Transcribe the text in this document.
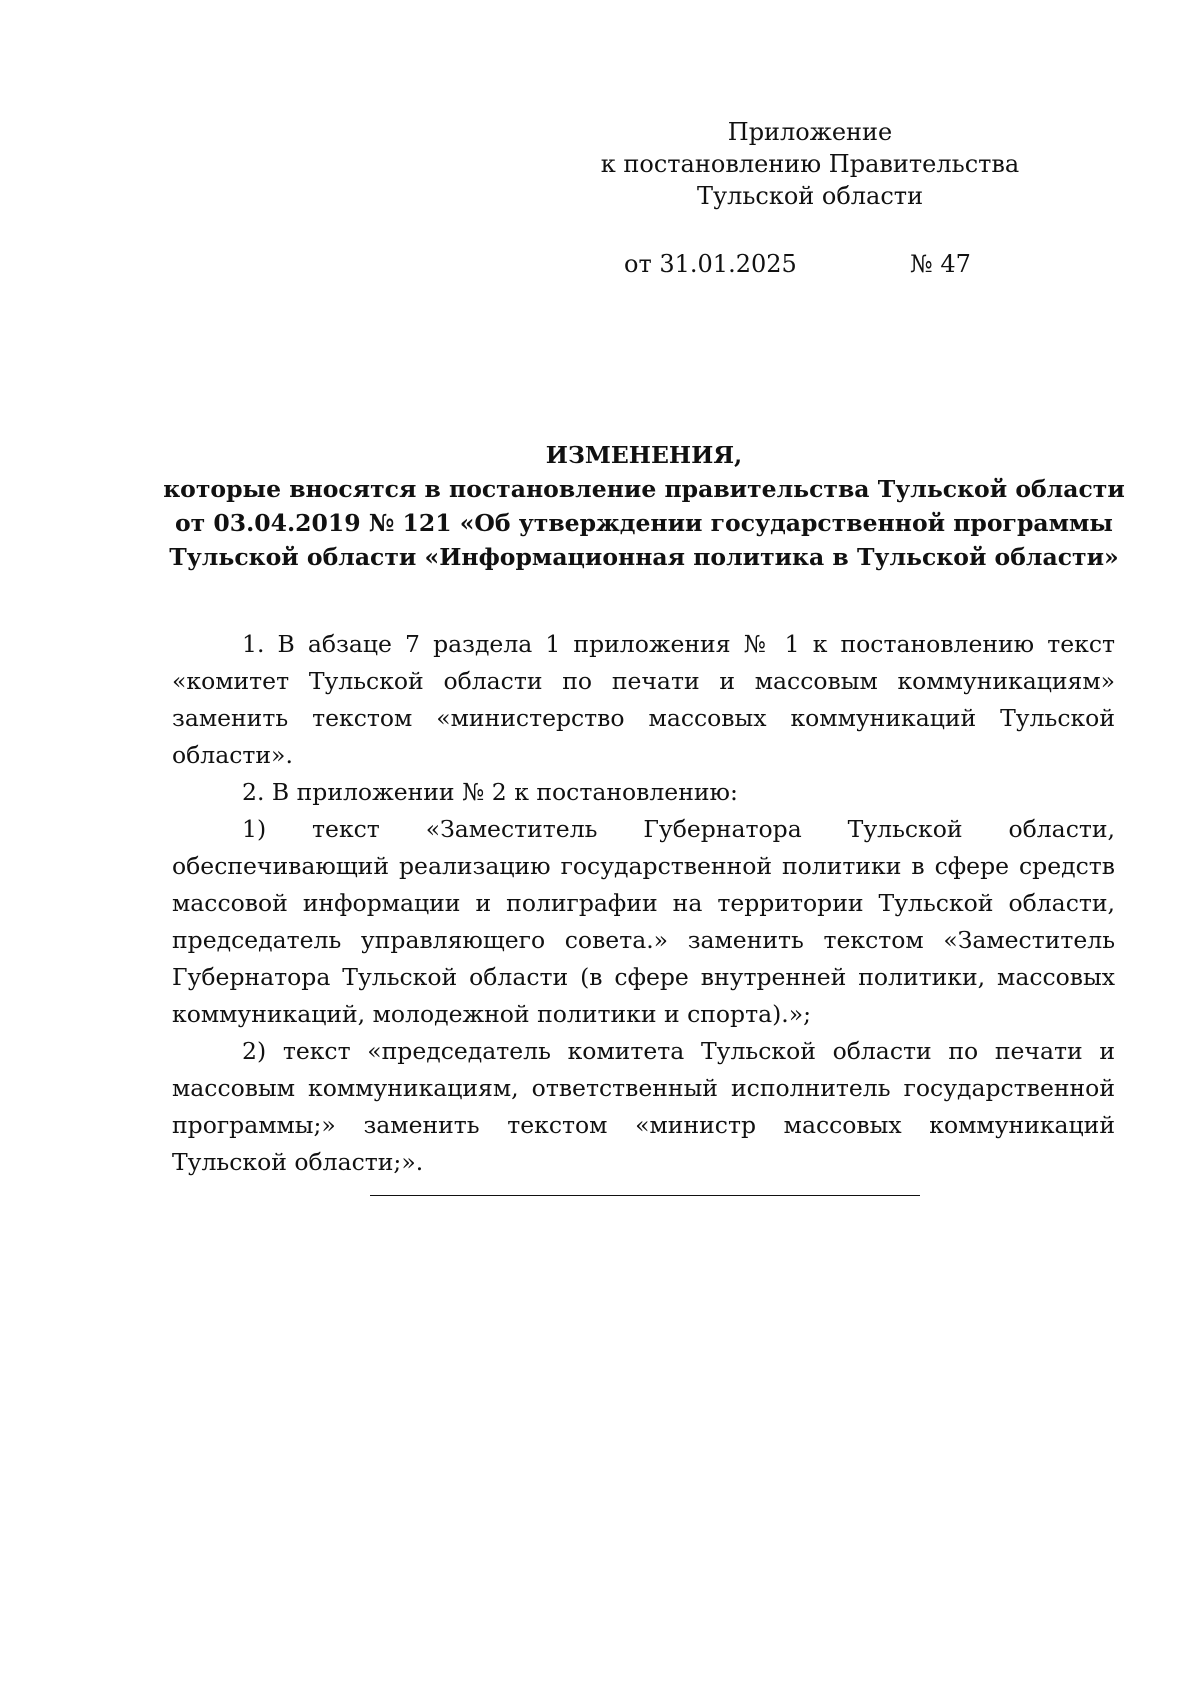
Приложение
к постановлению Правительства
Тульской области
от 31.01.2025	№ 47
ИЗМЕНЕНИЯ,
которые вносятся в постановление правительства Тульской области
от 03.04.2019 № 121 «Об утверждении государственной программы
Тульской области «Информационная политика в Тульской области»

1. В абзаце 7 раздела 1 приложения № 1 к постановлению текст «комитет Тульской области по печати и массовым коммуникациям» заменить текстом «министерство массовых коммуникаций Тульской области».

2. В приложении № 2 к постановлению:

1) текст «Заместитель Губернатора Тульской области, обеспечивающий реализацию государственной политики в сфере средств массовой информации и полиграфии на территории Тульской области, председатель управляющего совета.» заменить текстом «Заместитель Губернатора Тульской области (в сфере внутренней политики, массовых коммуникаций, молодежной политики и спорта).»;

2) текст «председатель комитета Тульской области по печати и массовым коммуникациям, ответственный исполнитель государственной программы;» заменить текстом «министр массовых коммуникаций Тульской области;».
